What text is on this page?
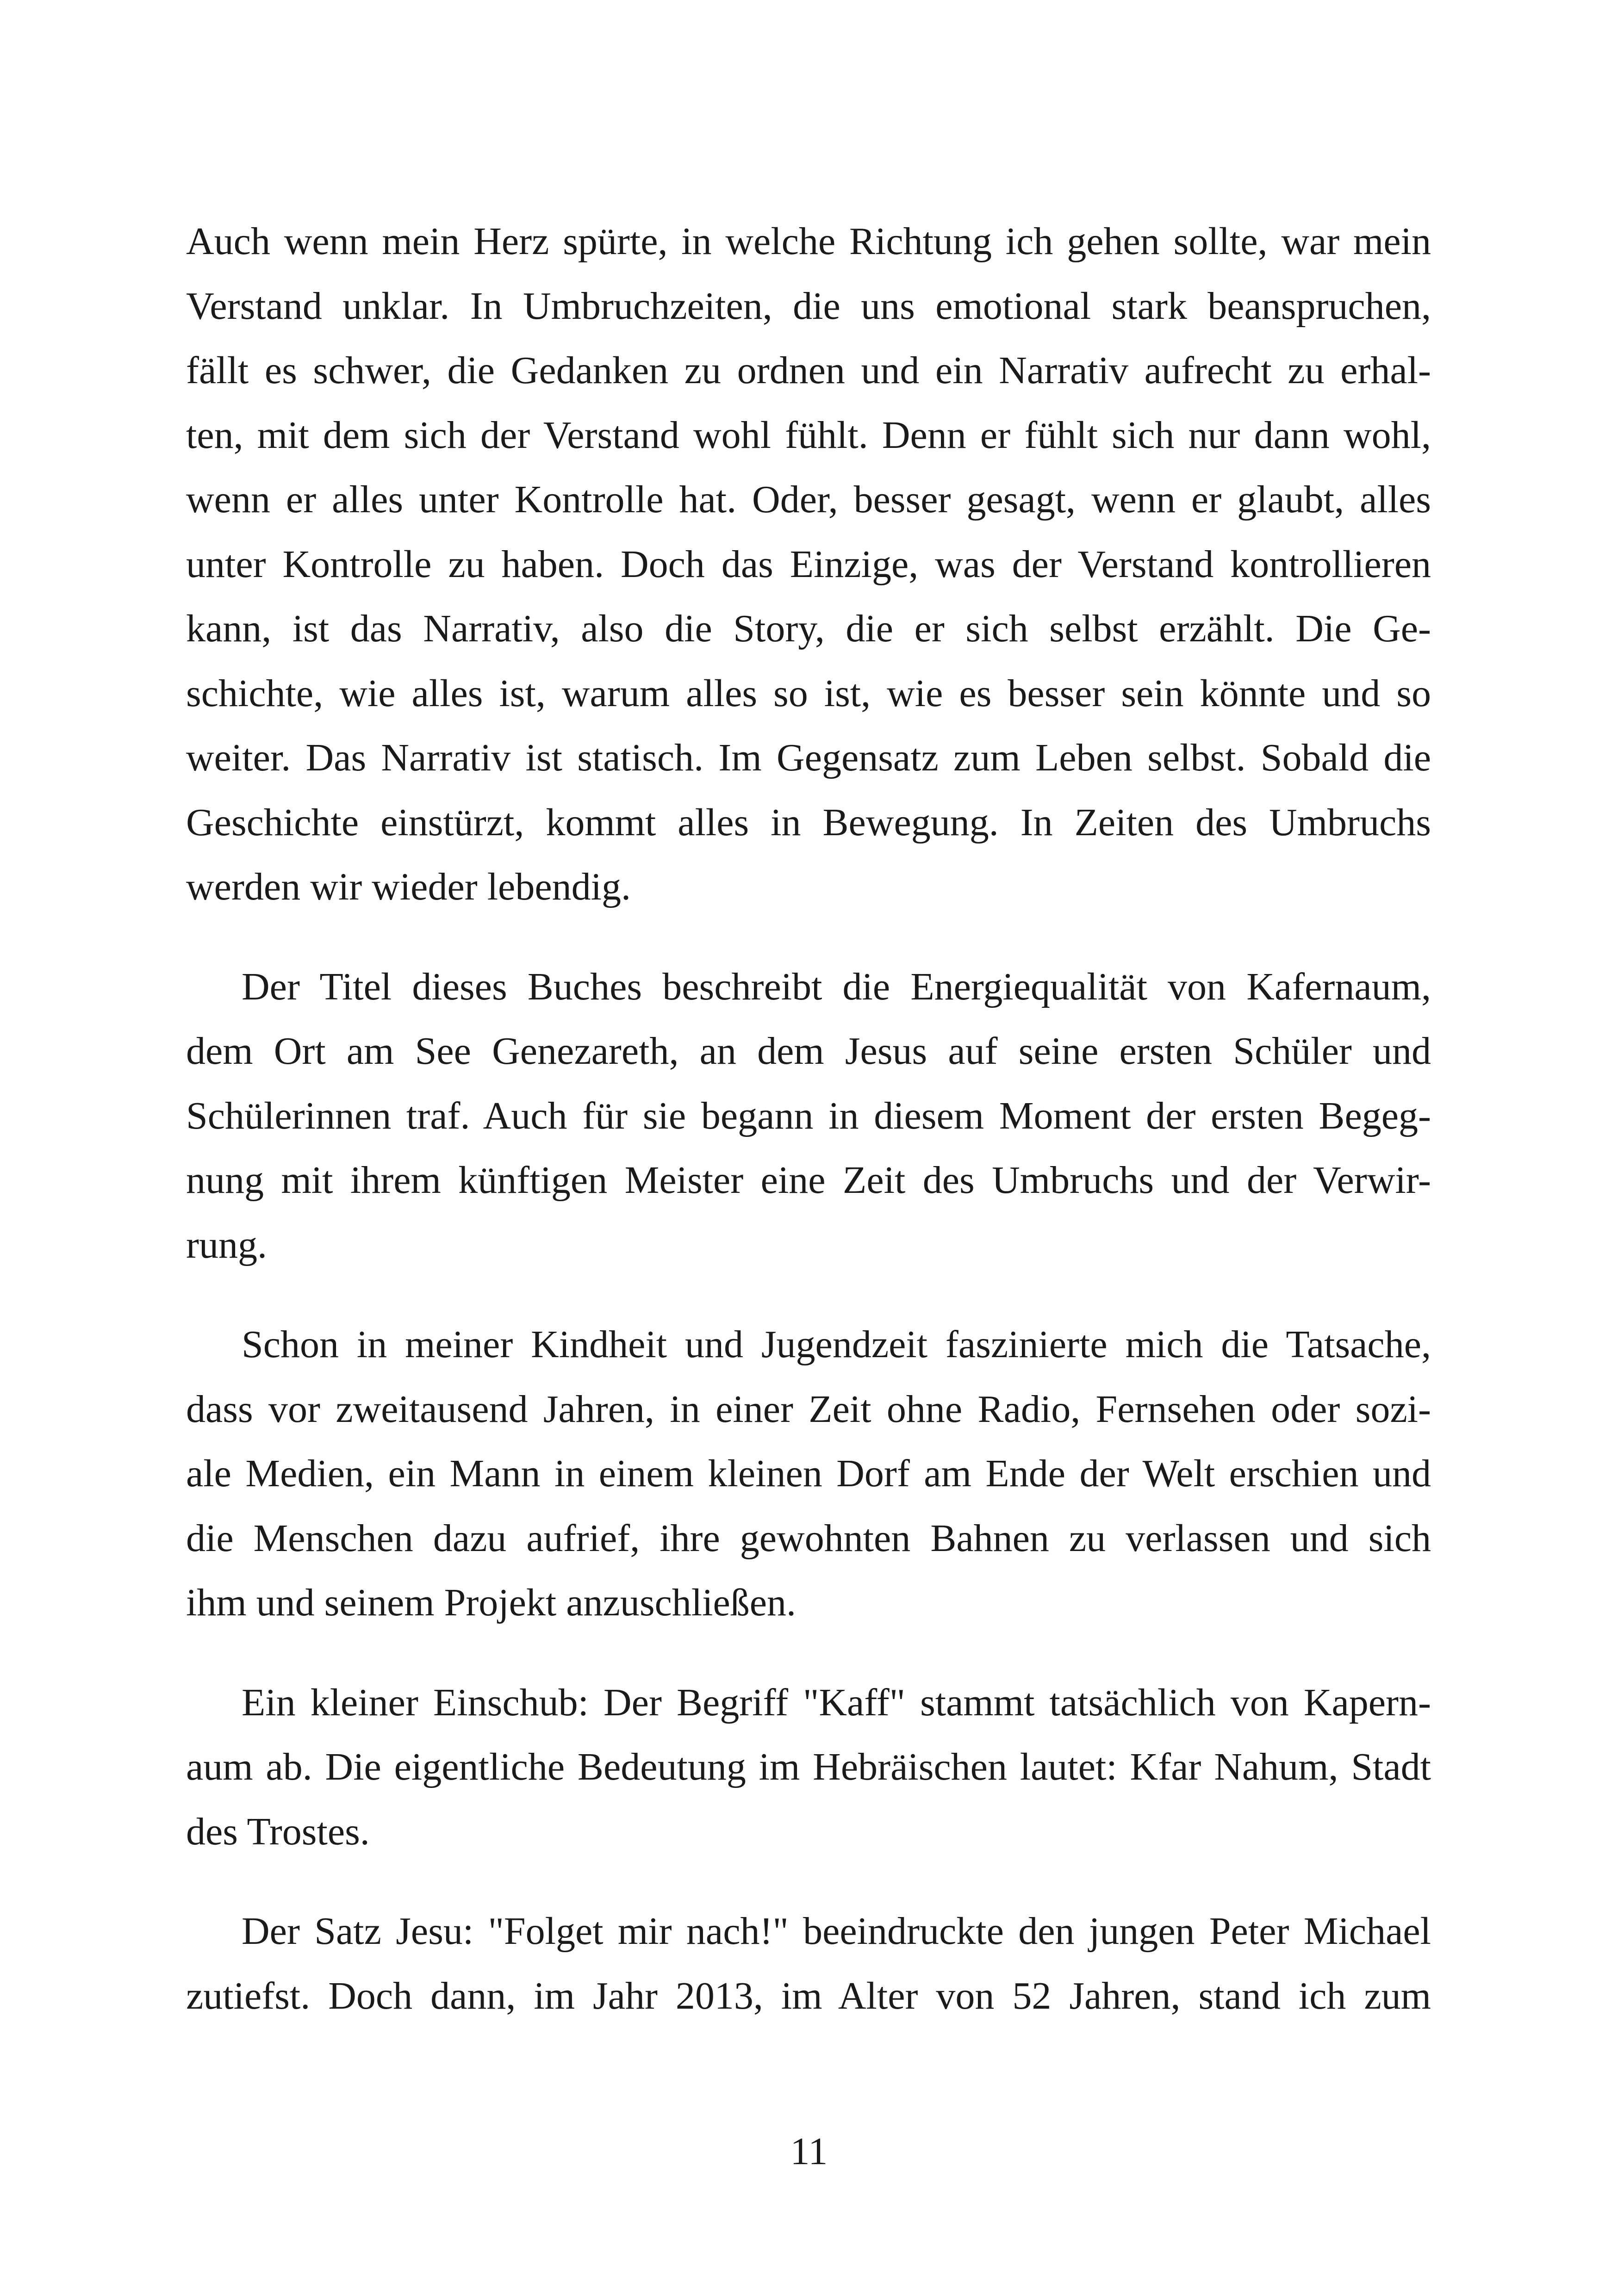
Auch wenn mein Herz spürte, in welche Richtung ich gehen sollte, war mein
Verstand unklar. In Umbruchzeiten, die uns emotional stark beanspruchen,
fällt es schwer, die Gedanken zu ordnen und ein Narrativ aufrecht zu erhal-
ten, mit dem sich der Verstand wohl fühlt. Denn er fühlt sich nur dann wohl,
wenn er alles unter Kontrolle hat. Oder, besser gesagt, wenn er glaubt, alles
unter Kontrolle zu haben. Doch das Einzige, was der Verstand kontrollieren
kann, ist das Narrativ, also die Story, die er sich selbst erzählt. Die Ge-
schichte, wie alles ist, warum alles so ist, wie es besser sein könnte und so
weiter. Das Narrativ ist statisch. Im Gegensatz zum Leben selbst. Sobald die
Geschichte einstürzt, kommt alles in Bewegung. In Zeiten des Umbruchs
werden wir wieder lebendig.
Der Titel dieses Buches beschreibt die Energiequalität von Kafernaum,
dem Ort am See Genezareth, an dem Jesus auf seine ersten Schüler und
Schülerinnen traf. Auch für sie begann in diesem Moment der ersten Begeg-
nung mit ihrem künftigen Meister eine Zeit des Umbruchs und der Verwir-
rung.
Schon in meiner Kindheit und Jugendzeit faszinierte mich die Tatsache,
dass vor zweitausend Jahren, in einer Zeit ohne Radio, Fernsehen oder sozi-
ale Medien, ein Mann in einem kleinen Dorf am Ende der Welt erschien und
die Menschen dazu aufrief, ihre gewohnten Bahnen zu verlassen und sich
ihm und seinem Projekt anzuschließen.
Ein kleiner Einschub: Der Begriff "Kaff" stammt tatsächlich von Kapern-
aum ab. Die eigentliche Bedeutung im Hebräischen lautet: Kfar Nahum, Stadt
des Trostes.
Der Satz Jesu: "Folget mir nach!" beeindruckte den jungen Peter Michael
zutiefst. Doch dann, im Jahr 2013, im Alter von 52 Jahren, stand ich zum
11
